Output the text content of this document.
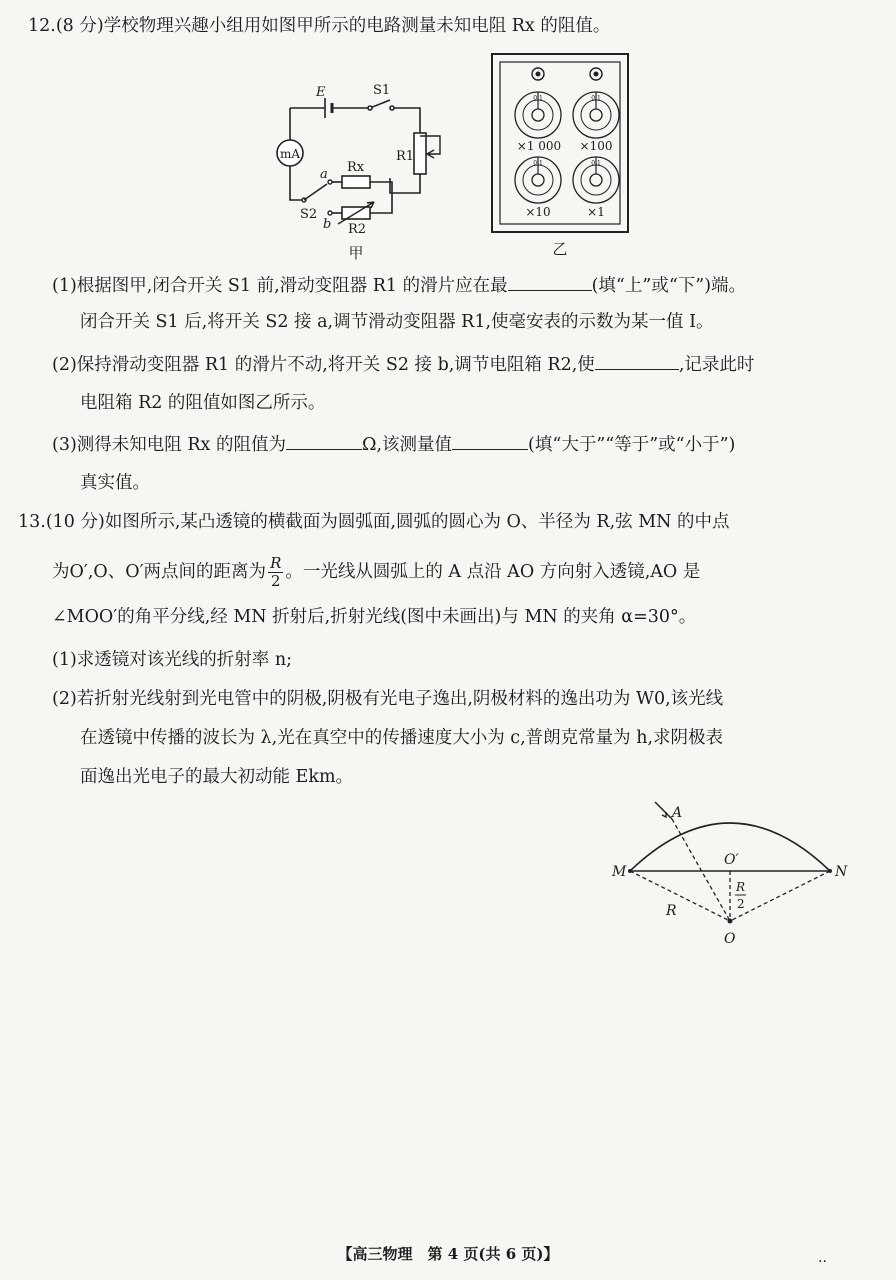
12.(8 分)学校物理兴趣小组用如图甲所示的电路测量未知电阻 Rx 的阻值。
mA
E	S1
R1
Rx
R2
a
b
S2
甲
0 1	0 1
0 1	0 1
×1 000 ×100
×10	×1
乙
(1)根据图甲,闭合开关 S1 前,滑动变阻器 R1 的滑片应在最	(填“上”或“下”)端。
闭合开关 S1 后,将开关 S2 接 a,调节滑动变阻器 R1,使毫安表的示数为某一值 I。
(2)保持滑动变阻器 R1 的滑片不动,将开关 S2 接 b,调节电阻箱 R2,使	,记录此时
电阻箱 R2 的阻值如图乙所示。
(3)测得未知电阻 Rx 的阻值为	Ω,该测量值	(填“大于”“等于”或“小于”)
真实值。
13.(10 分)如图所示,某凸透镜的横截面为圆弧面,圆弧的圆心为 O、半径为 R,弦 MN 的中点
为O′,O、O′两点间的距离为 $\frac{R}{2}$ 。一光线从圆弧上的 A 点沿 AO 方向射入透镜,AO 是
∠MOO′的角平分线,经 MN 折射后,折射光线(图中未画出)与 MN 的夹角 α=30°。
(1)求透镜对该光线的折射率 n;
(2)若折射光线射到光电管中的阴极,阴极有光电子逸出,阴极材料的逸出功为 W0,该光线
在透镜中传播的波长为 λ,光在真空中的传播速度大小为 c,普朗克常量为 h,求阴极表
面逸出光电子的最大初动能 Ekm。
A
M	N
O′
O
R
R
2
【高三物理　第 4 页(共 6 页)】	..
